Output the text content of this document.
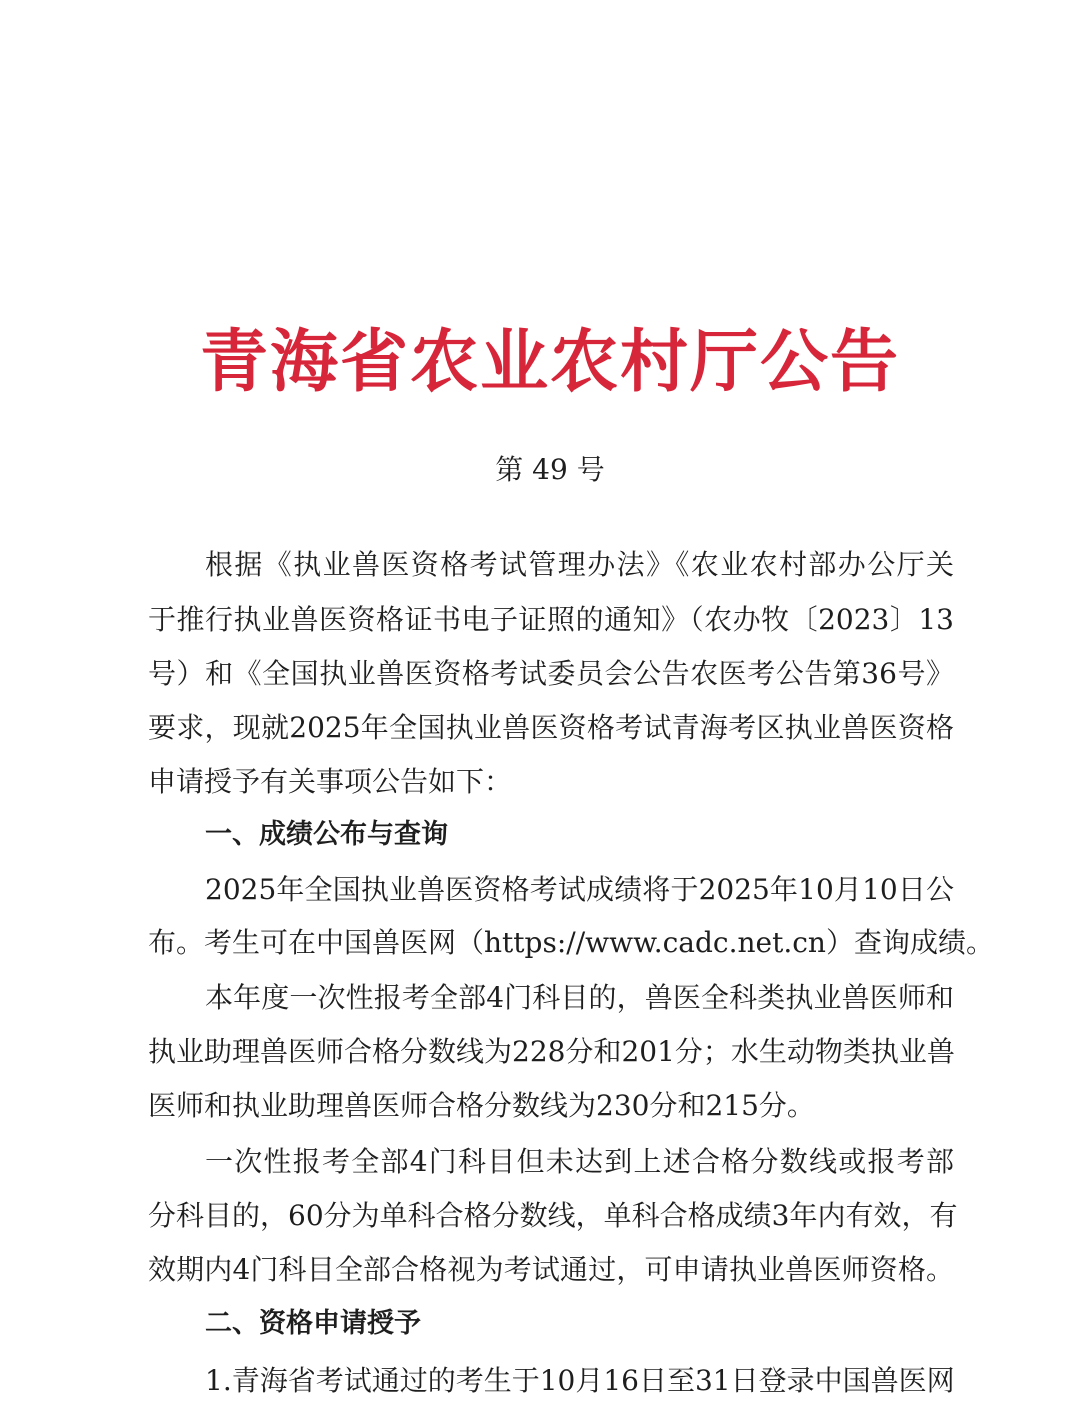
青海省农业农村厅公告
第 49 号
根据《执业兽医资格考试管理办法》《农业农村部办公厅关
于推行执业兽医资格证书电子证照的通知》（农办牧〔2023〕13
号）和《全国执业兽医资格考试委员会公告农医考公告第36号》
要求，现就2025年全国执业兽医资格考试青海考区执业兽医资格
申请授予有关事项公告如下：
一、成绩公布与查询
2025年全国执业兽医资格考试成绩将于2025年10月10日公
布。考生可在中国兽医网（https://www.cadc.net.cn）查询成绩。
本年度一次性报考全部4门科目的，兽医全科类执业兽医师和
执业助理兽医师合格分数线为228分和201分；水生动物类执业兽
医师和执业助理兽医师合格分数线为230分和215分。
一次性报考全部4门科目但未达到上述合格分数线或报考部
分科目的，60分为单科合格分数线，单科合格成绩3年内有效，有
效期内4门科目全部合格视为考试通过，可申请执业兽医师资格。
二、资格申请授予
1.青海省考试通过的考生于10月16日至31日登录中国兽医网
